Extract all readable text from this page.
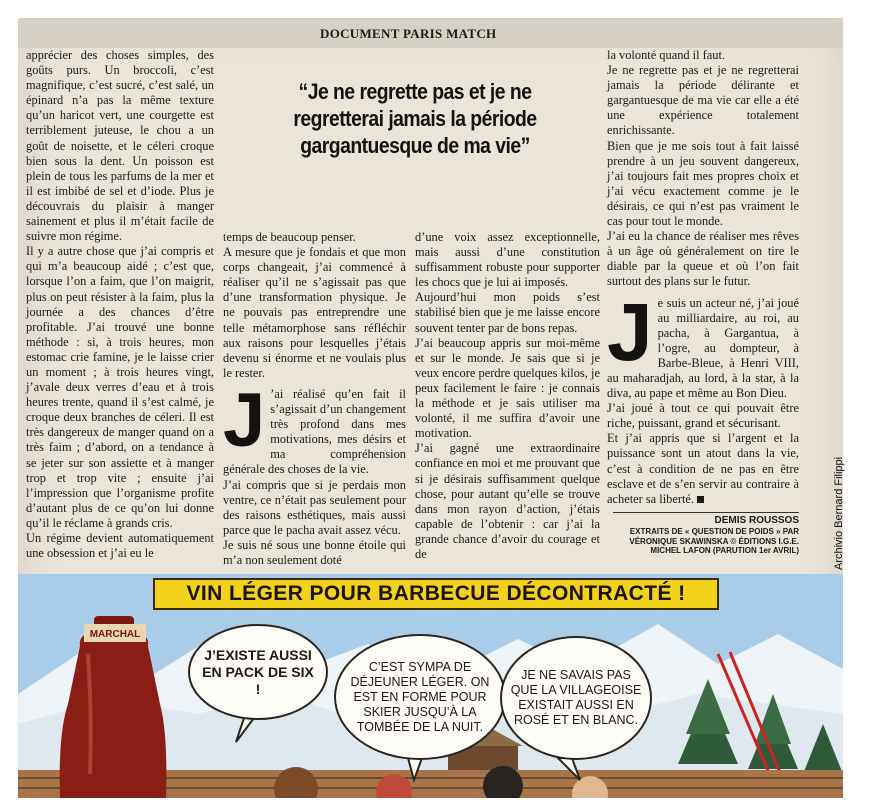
DOCUMENT PARIS MATCH

apprécier des choses simples, des goûts purs. Un broccoli, c’est magnifique, c’est sucré, c’est salé, un épinard n’a pas la même texture qu’un haricot vert, une courgette est terriblement juteuse, le chou a un goût de noisette, et le céleri croque bien sous la dent. Un poisson est plein de tous les parfums de la mer et il est imbibé de sel et d’iode. Plus je découvrais du plaisir à manger sainement et plus il m’était facile de suivre mon régime.

Il y a autre chose que j’ai compris et qui m’a beaucoup aidé ; c’est que, lorsque l’on a faim, que l’on maigrit, plus on peut résister à la faim, plus la journée a des chances d’être profitable. J’ai trouvé une bonne méthode : si, à trois heures, mon estomac crie famine, je le laisse crier un moment ; à trois heures vingt, j’avale deux verres d’eau et à trois heures trente, quand il s’est calmé, je croque deux branches de céleri. Il est très dangereux de manger quand on a très faim ; d’abord, on a tendance à se jeter sur son assiette et à manger trop et trop vite ; ensuite j’ai l’impression que l’organisme profite d’autant plus de ce qu’on lui donne qu’il le réclame à grands cris.

Un régime devient automatiquement une obsession et j’ai eu le

“Je ne regrette pas et je ne regretterai jamais la période gargantuesque de ma vie”

temps de beaucoup penser.

A mesure que je fondais et que mon corps changeait, j’ai commencé à réaliser qu’il ne s’agissait pas que d’une transformation physique. Je ne pouvais pas entreprendre une telle métamorphose sans réfléchir aux raisons pour lesquelles j’étais devenu si énorme et ne voulais plus le rester.

J ’ai réalisé qu’en fait il s’agissait d’un changement très profond dans mes motivations, mes désirs et ma compréhension générale des choses de la vie.

J’ai compris que si je perdais mon ventre, ce n’était pas seulement pour des raisons esthétiques, mais aussi parce que le pacha avait assez vécu.

Je suis né sous une bonne étoile qui m’a non seulement doté

d’une voix assez exceptionnelle, mais aussi d’une constitution suffisamment robuste pour supporter les chocs que je lui ai imposés.

Aujourd’hui mon poids s’est stabilisé bien que je me laisse encore souvent tenter par de bons repas.

J’ai beaucoup appris sur moi-même et sur le monde. Je sais que si je veux encore perdre quelques kilos, je peux facilement le faire : je connais la méthode et je sais utiliser ma volonté, il me suffira d’avoir une motivation.

J’ai gagné une extraordinaire confiance en moi et me prouvant que si je désirais suffisamment quelque chose, pour autant qu’elle se trouve dans mon rayon d’action, j’étais capable de l’obtenir : car j’ai la grande chance d’avoir du courage et de

la volonté quand il faut.

Je ne regrette pas et je ne regretterai jamais la période délirante et gargantuesque de ma vie car elle a été une expérience totalement enrichissante.

Bien que je me sois tout à fait laissé prendre à un jeu souvent dangereux, j’ai toujours fait mes propres choix et j’ai vécu exactement comme je le désirais, ce qui n’est pas vraiment le cas pour tout le monde.

J’ai eu la chance de réaliser mes rêves à un âge où généralement on tire le diable par la queue et où l’on fait surtout des plans sur le futur.

Je suis un acteur né, j’ai joué au milliardaire, au roi, au pacha, à Gargantua, à l’ogre, au dompteur, à Barbe-Bleue, à Henri VIII, au maharadjah, au lord, à la star, à la diva, au pape et même au Bon Dieu.

J’ai joué à tout ce qui pouvait être riche, puissant, grand et sécurisant.

Et j’ai appris que si l’argent et la puissance sont un atout dans la vie, c’est à condition de ne pas en être esclave et de s’en servir au contraire à acheter sa liberté.

DEMIS ROUSSOS
EXTRAITS DE « QUESTION DE POIDS » PAR
VÉRONIQUE SKAWINSKA © ÉDITIONS I.G.E.
MICHEL LAFON (PARUTION 1er AVRIL)
MARCHAL
VIN LÉGER POUR BARBECUE DÉCONTRACTÉ !
J’EXISTE AUSSI EN PACK DE SIX !
C’EST SYMPA DE DÉJEUNER LÉGER. ON EST EN FORME POUR SKIER JUSQU’À LA TOMBÉE DE LA NUIT.
JE NE SAVAIS PAS QUE LA VILLAGEOISE EXISTAIT AUSSI EN ROSÉ ET EN BLANC.
Archivio Bernard Filippi
